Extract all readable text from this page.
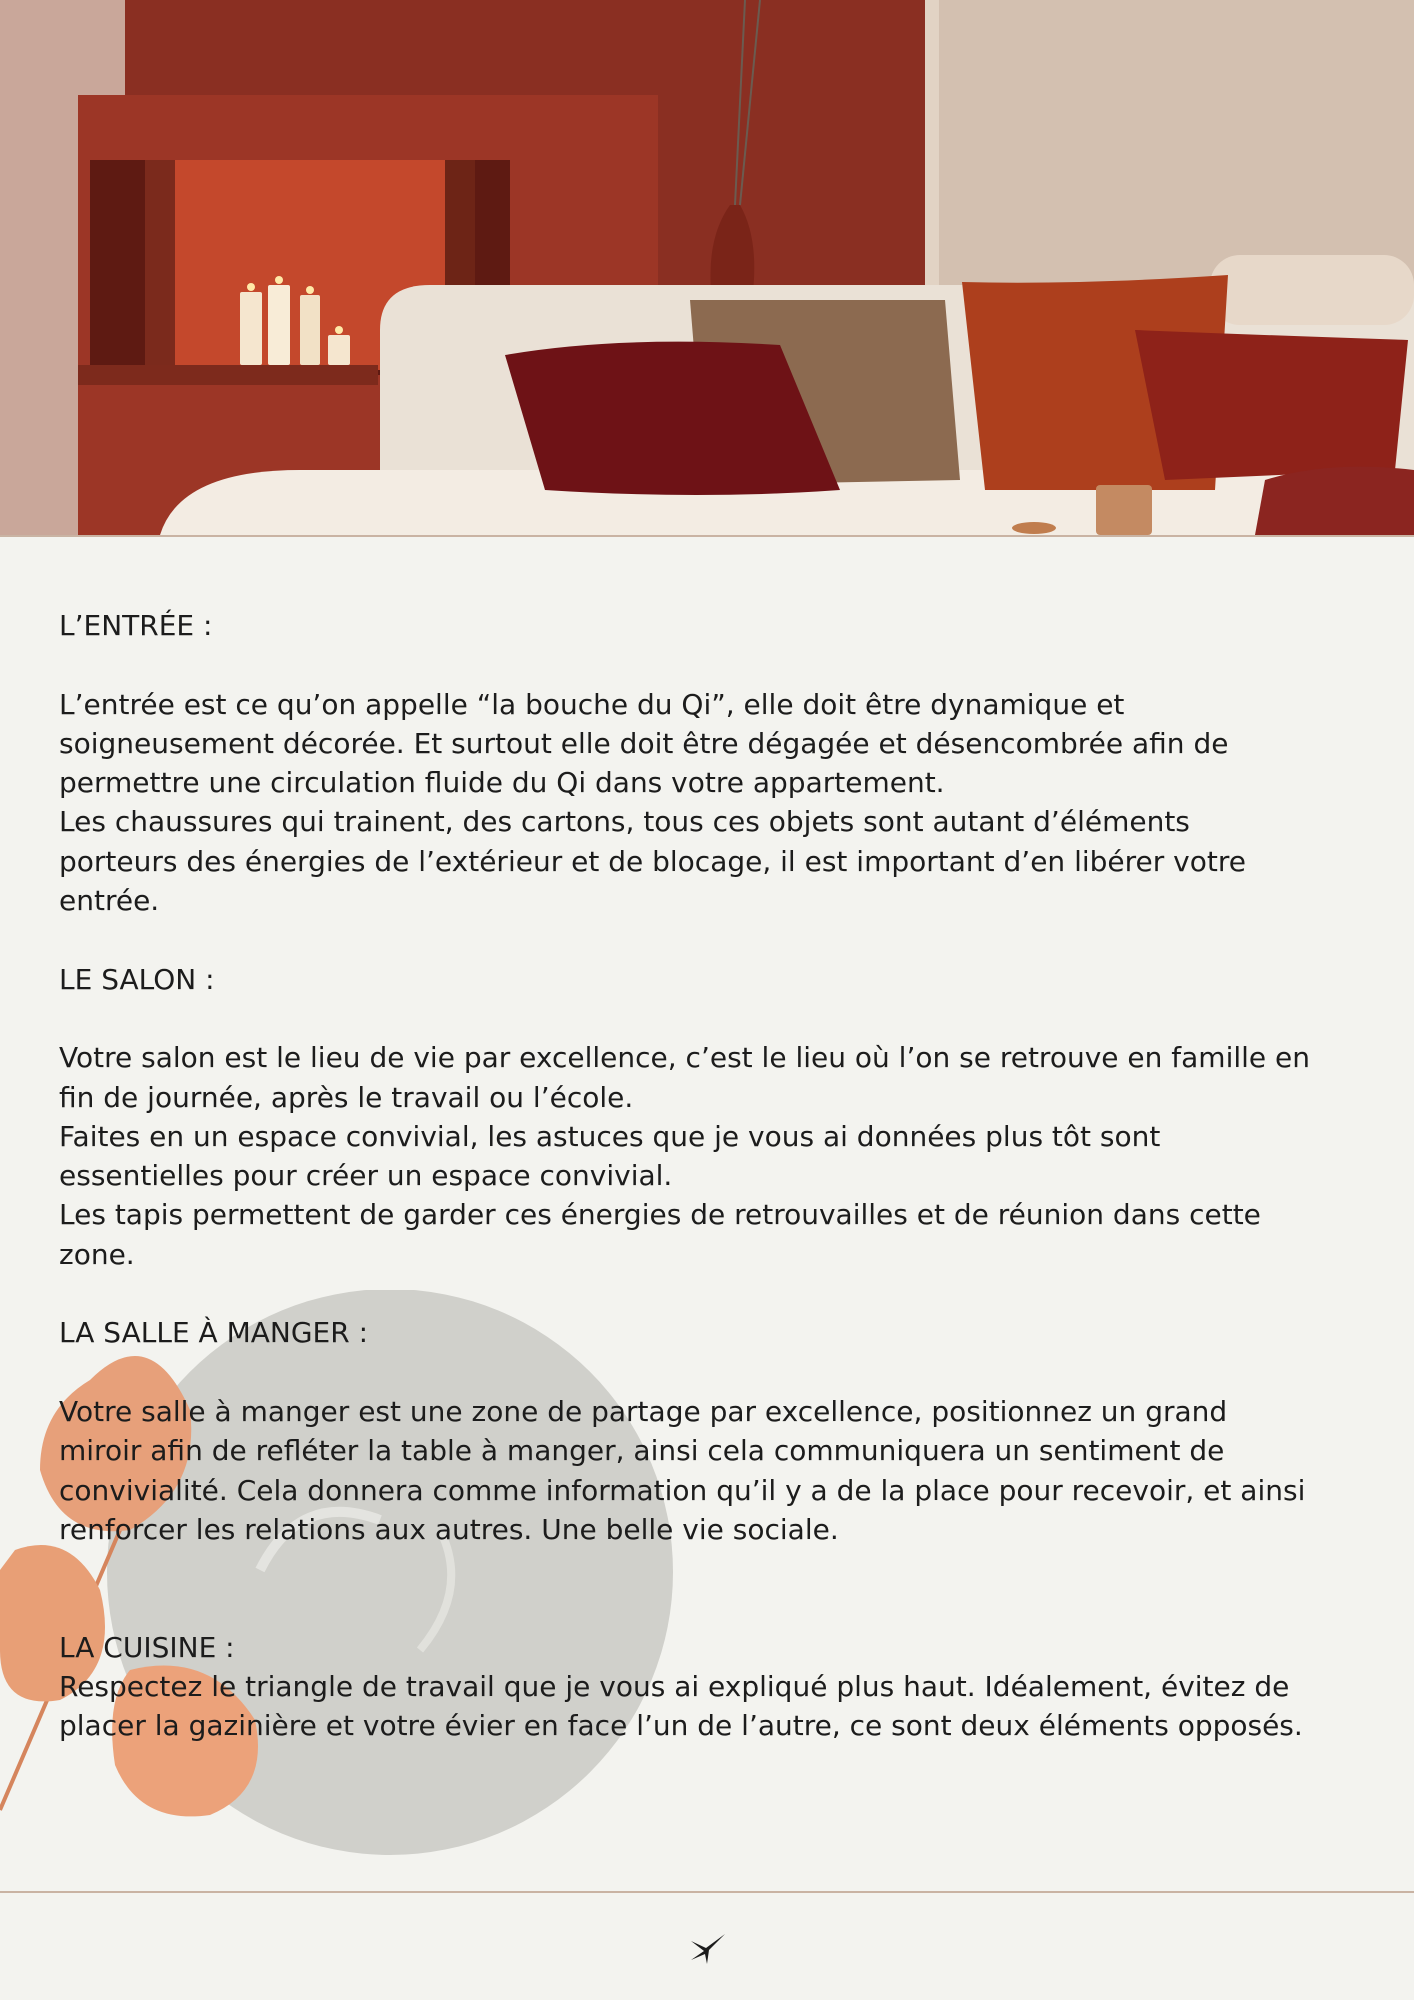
L’ENTRÉE :

L’entrée est ce qu’on appelle “la bouche du Qi”, elle doit être dynamique et
soigneusement décorée. Et surtout elle doit être dégagée et désencombrée afin de
permettre une circulation fluide du Qi dans votre appartement.
Les chaussures qui trainent, des cartons, tous ces objets sont autant d’éléments
porteurs des énergies de l’extérieur et de blocage, il est important d’en libérer votre
entrée.

LE SALON :

Votre salon est le lieu de vie par excellence, c’est le lieu où l’on se retrouve en famille en
fin de journée, après le travail ou l’école.
Faites en un espace convivial, les astuces que je vous ai données plus tôt sont
essentielles pour créer un espace convivial.
Les tapis permettent de garder ces énergies de retrouvailles et de réunion dans cette
zone.

LA SALLE À MANGER :

Votre salle à manger est une zone de partage par excellence, positionnez un grand
miroir afin de refléter la table à manger, ainsi cela communiquera un sentiment de
convivialité. Cela donnera comme information qu’il y a de la place pour recevoir, et ainsi
renforcer les relations aux autres. Une belle vie sociale.

LA CUISINE :

Respectez le triangle de travail que je vous ai expliqué plus haut. Idéalement, évitez de
placer la gazinière et votre évier en face l’un de l’autre, ce sont deux éléments opposés.
